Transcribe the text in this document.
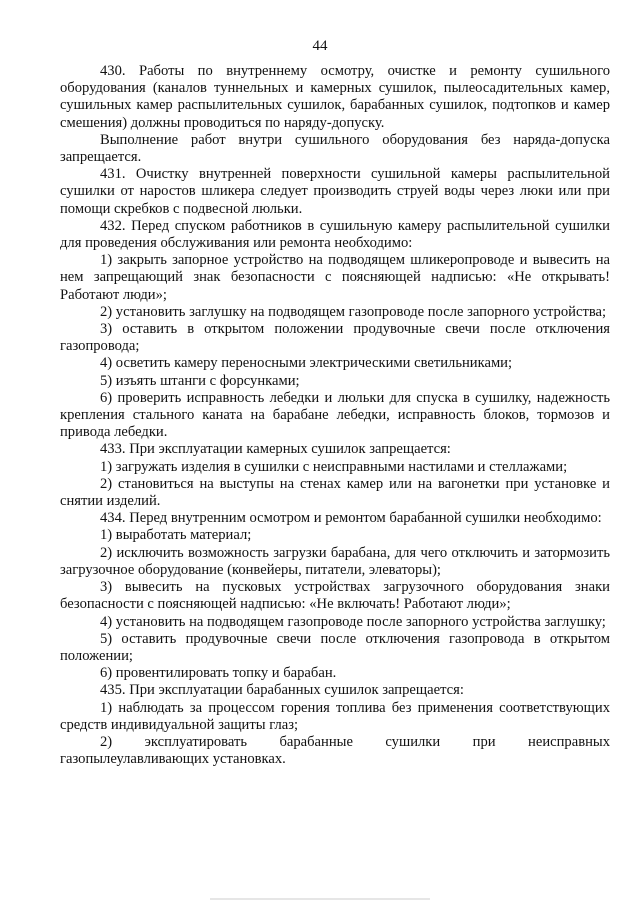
44

430. Работы по внутреннему осмотру, очистке и ремонту сушильного оборудования (каналов туннельных и камерных сушилок, пылеосадительных камер, сушильных камер распылительных сушилок, барабанных сушилок, подтопков и камер смешения) должны проводиться по наряду-допуску.

Выполнение работ внутри сушильного оборудования без наряда-допуска запрещается.

431. Очистку внутренней поверхности сушильной камеры распылительной сушилки от наростов шликера следует производить струей воды через люки или при помощи скребков с подвесной люльки.

432. Перед спуском работников в сушильную камеру распылительной сушилки для проведения обслуживания или ремонта необходимо:

1) закрыть запорное устройство на подводящем шликеропроводе и вывесить на нем запрещающий знак безопасности с поясняющей надписью: «Не открывать! Работают люди»;

2) установить заглушку на подводящем газопроводе после запорного устройства;

3) оставить в открытом положении продувочные свечи после отключения газопровода;

4) осветить камеру переносными электрическими светильниками;

5) изъять штанги с форсунками;

6) проверить исправность лебедки и люльки для спуска в сушилку, надежность крепления стального каната на барабане лебедки, исправность блоков, тормозов и привода лебедки.

433. При эксплуатации камерных сушилок запрещается:

1) загружать изделия в сушилки с неисправными настилами и стеллажами;

2) становиться на выступы на стенах камер или на вагонетки при установке и снятии изделий.

434. Перед внутренним осмотром и ремонтом барабанной сушилки необходимо:

1) выработать материал;

2) исключить возможность загрузки барабана, для чего отключить и затормозить загрузочное оборудование (конвейеры, питатели, элеваторы);

3) вывесить на пусковых устройствах загрузочного оборудования знаки безопасности с поясняющей надписью: «Не включать! Работают люди»;

4) установить на подводящем газопроводе после запорного устройства заглушку;

5) оставить продувочные свечи после отключения газопровода в открытом положении;

6) провентилировать топку и барабан.

435. При эксплуатации барабанных сушилок запрещается:

1) наблюдать за процессом горения топлива без применения соответствующих средств индивидуальной защиты глаз;

2) эксплуатировать барабанные сушилки при неисправных газопылеулавливающих установках.
